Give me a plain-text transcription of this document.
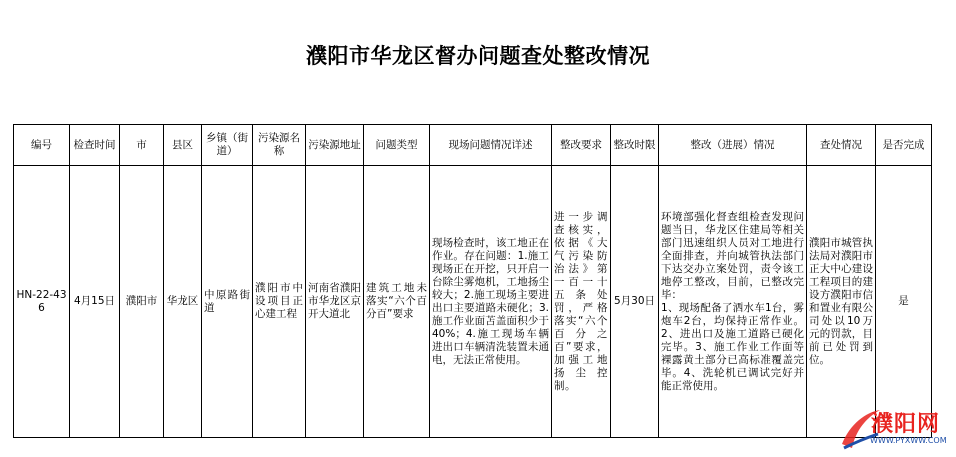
濮阳市华龙区督办问题查处整改情况
编号	检查时间	市	县区	乡镇（街道）	污染源名称	污染源地址	问题类型	现场问题情况详述	整改要求	整改时限	整改（进展）情况	查处情况	是否完成
HN-22-436	4月15日	濮阳市	华龙区	中原路街道	濮阳市中设项目正心建工程	河南省濮阳市华龙区京开大道北	建筑工地未落实“六个百分百”要求	现场检查时，该工地正在作业。存在问题：1.施工现场正在开挖，只开启一台除尘雾炮机，工地扬尘较大；2.施工现场主要进出口主要道路未硬化；3.施工作业面苫盖面积少于40%；4.施工现场车辆进出口车辆清洗装置未通电，无法正常使用。	进一步调查核实，依据《大气污染防治法》第一百一十五条处罚，严格落实“六个百分之百”要求，加强工地扬尘控制。	5月30日	环境部强化督查组检查发现问题当日，华龙区住建局等相关部门迅速组织人员对工地进行全面排查，并向城管执法部门下达交办立案处罚，责令该工地停工整改，目前，已整改完毕：
1、现场配备了洒水车1台，雾炮车2台，均保持正常作业。2、进出口及施工道路已硬化完毕。3、施工作业工作面等裸露黄土部分已高标准覆盖完毕。4、洗轮机已调试完好并能正常使用。	濮阳市城管执法局对濮阳市正大中心建设工程项目的建设方濮阳市信和置业有限公司处以10万元的罚款，目前已处罚到位。	是
濮阳网
WWW.PYXWW.COM
